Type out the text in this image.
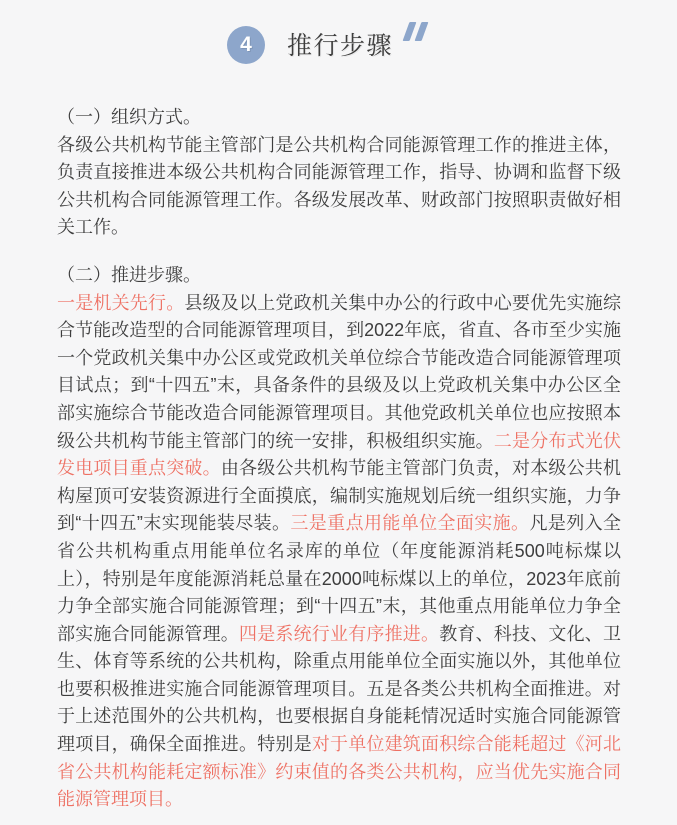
4 推行步骤
（一）组织方式。
各级公共机构节能主管部门是公共机构合同能源管理工作的推进主体，负责直接推进本级公共机构合同能源管理工作，指导、协调和监督下级公共机构合同能源管理工作。各级发展改革、财政部门按照职责做好相关工作。
（二）推进步骤。
一是机关先行。县级及以上党政机关集中办公的行政中心要优先实施综合节能改造型的合同能源管理项目，到2022年底，省直、各市至少实施一个党政机关集中办公区或党政机关单位综合节能改造合同能源管理项目试点；到“十四五”末，具备条件的县级及以上党政机关集中办公区全部实施综合节能改造合同能源管理项目。其他党政机关单位也应按照本级公共机构节能主管部门的统一安排，积极组织实施。二是分布式光伏发电项目重点突破。由各级公共机构节能主管部门负责，对本级公共机构屋顶可安装资源进行全面摸底，编制实施规划后统一组织实施，力争到“十四五”末实现能装尽装。三是重点用能单位全面实施。凡是列入全省公共机构重点用能单位名录库的单位（年度能源消耗500吨标煤以上），特别是年度能源消耗总量在2000吨标煤以上的单位，2023年底前力争全部实施合同能源管理；到“十四五”末，其他重点用能单位力争全部实施合同能源管理。四是系统行业有序推进。教育、科技、文化、卫生、体育等系统的公共机构，除重点用能单位全面实施以外，其他单位也要积极推进实施合同能源管理项目。五是各类公共机构全面推进。对于上述范围外的公共机构，也要根据自身能耗情况适时实施合同能源管理项目，确保全面推进。特别是对于单位建筑面积综合能耗超过《河北省公共机构能耗定额标准》约束值的各类公共机构，应当优先实施合同能源管理项目。
